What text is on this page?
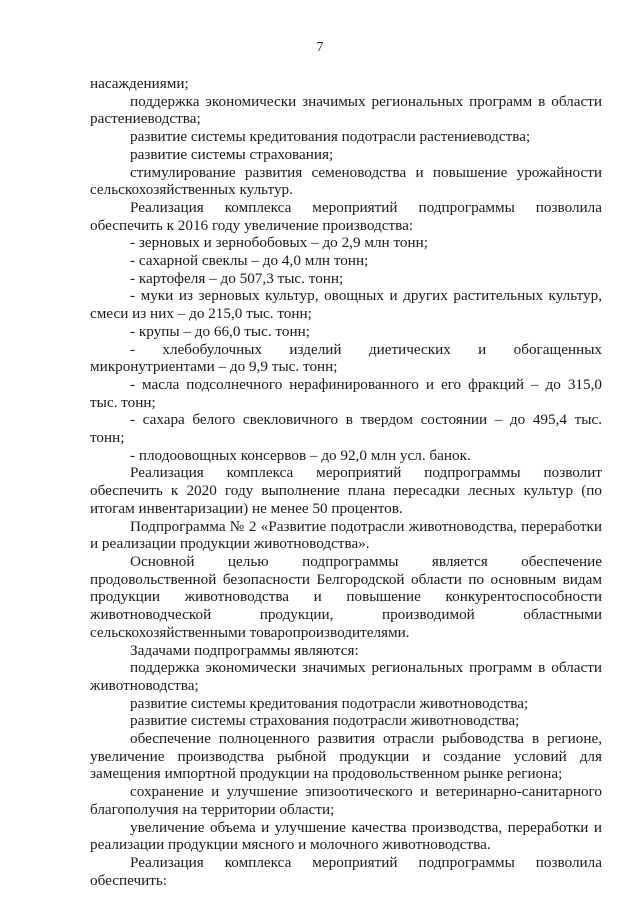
7

насаждениями;

поддержка экономически значимых региональных программ в области растениеводства;

развитие системы кредитования подотрасли растениеводства;

развитие системы страхования;

стимулирование развития семеноводства и повышение урожайности сельскохозяйственных культур.

Реализация комплекса мероприятий подпрограммы позволила обеспечить к 2016 году увеличение производства:

- зерновых и зернобобовых – до 2,9 млн тонн;

- сахарной свеклы – до 4,0 млн тонн;

- картофеля – до 507,3 тыс. тонн;

- муки из зерновых культур, овощных и других растительных культур, смеси из них – до 215,0 тыс. тонн;

- крупы – до 66,0 тыс. тонн;

- хлебобулочных изделий диетических и обогащенных микронутриентами – до 9,9 тыс. тонн;

- масла подсолнечного нерафинированного и его фракций – до 315,0 тыс. тонн;

- сахара белого свекловичного в твердом состоянии – до 495,4 тыс. тонн;

- плодоовощных консервов – до 92,0 млн усл. банок.

Реализация комплекса мероприятий подпрограммы позволит обеспечить к 2020 году выполнение плана пересадки лесных культур (по итогам инвентаризации) не менее 50 процентов.

Подпрограмма № 2 «Развитие подотрасли животноводства, переработки и реализации продукции животноводства».

Основной целью подпрограммы является обеспечение продовольственной безопасности Белгородской области по основным видам продукции животноводства и повышение конкурентоспособности животноводческой продукции, производимой областными сельскохозяйственными товаропроизводителями.

Задачами подпрограммы являются:

поддержка экономически значимых региональных программ в области животноводства;

развитие системы кредитования подотрасли животноводства;

развитие системы страхования подотрасли животноводства;

обеспечение полноценного развития отрасли рыбоводства в регионе, увеличение производства рыбной продукции и создание условий для замещения импортной продукции на продовольственном рынке региона;

сохранение и улучшение эпизоотического и ветеринарно-санитарного благополучия на территории области;

увеличение объема и улучшение качества производства, переработки и реализации продукции мясного и молочного животноводства.

Реализация комплекса мероприятий подпрограммы позволила обеспечить:
